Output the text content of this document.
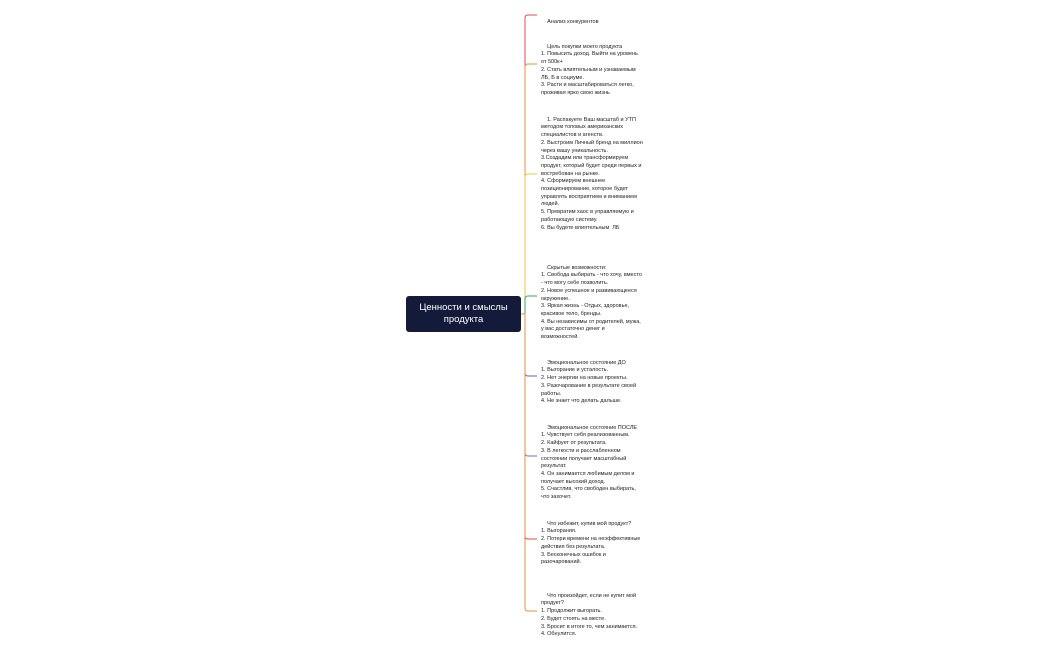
Ценности и смыслы продукта

Анализ конкурентов

Цель покупки моего продукта
1. Повысить доход. Выйти на уровень от 500к+
2. Стать влиятельным и узнаваемым ЛБ, Б в социуме.
3. Расти и масштабироваться легко, проживая ярко свою жизнь

1. Распакуете Ваш масштаб и УТП методом топовых американских специалистов и агенств.
2. Выстроим Личный бренд на миллион через вашу уникальность.
3.Создадим или трансформируем продукт, который будет среди первых и востребован на рынке.
4. Сформируем внешнее позиционирование, которое будет  управлять восприятием и вниманием людей.
5. Превратим хаос в управляемую и работающую систему.
6. Вы будете влиятельным  ЛБ

Скрытые возможности:
1. Свобода выбирать - что хочу, вместо - что могу себе позволить.
2. Новое успешное и развивающееся окружение.
3. Яркая жизнь - Отдых, здоровье, красивое тело, бренды.
4. Вы независимы от родителей, мужа, у вас достаточно денег и возможностей.

Эмоциональное состояние ДО
1. Выгорание и усталость.
2. Нет энергии на новые проекты.
3. Разочарование в результате своей работы.
4. Не знает что делать дальше.

Эмоциональное состояние ПОСЛЕ
1. Чувствует себя реализованным.
2. Кайфует от результата.
3. В легкости и расслабленном состоянии получает масштабный результат.
4. Он занимается любимым делом и получает высокий доход.
5. Счастлив, что свободен выбирать, что захочет.

Что избежит, купив мой продукт?
1. Выгорания.
2. Потери времени на неэффективные действия без результата.
3. Бесконечных ошибок и разочарований.

Что произойдет, если не купит мой продукт?
1. Продолжит выгорать.
2. Будет стоять на месте.
3. Бросит в итоге то, чем занимается.
4. Обнулится.
